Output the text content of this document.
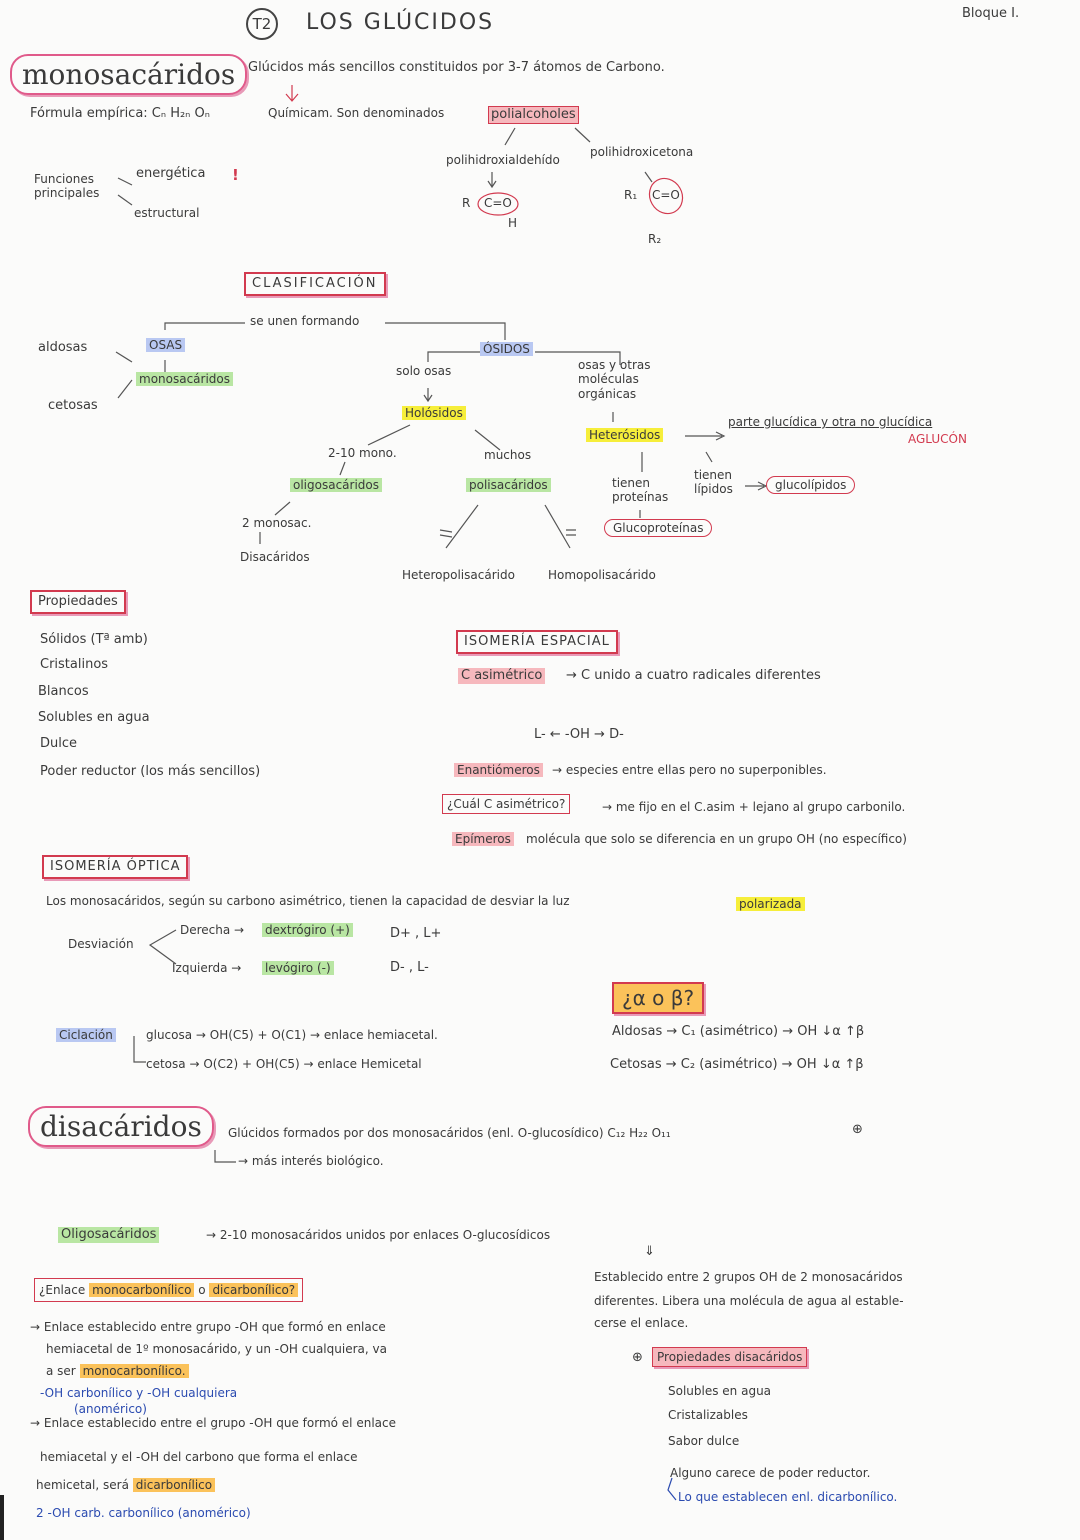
T2	LOS GLÚCIDOS	Bloque I.
monosacáridos Glúcidos más sencillos constituidos por 3-7 átomos de Carbono.
Fórmula empírica: Cₙ H₂ₙ Oₙ	Químicam. Son denominados	polialcoholes
polihidroxialdehído
polihidroxicetona
R C=O
H
R₁ C=O
R₂
Funciones principales
energética !
estructural
CLASIFICACIÓN
se unen formando
aldosas
cetosas
OSAS
monosacáridos
ÓSIDOS
solo osas	osas y otras moléculas orgánicas
Holósidos
Heterósidos
parte glucídica y otra no glucídica
AGLUCÓN
2-10 mono.	muchos
oligosacáridos	polisacáridos	tienen proteínas
tienen lípidos	glucolípidos
Glucoproteínas
2 monosac.
Disacáridos
Heteropolisacárido	Homopolisacárido
Propiedades
Sólidos (Tª amb)
Cristalinos
Blancos
Solubles en agua
Dulce
Poder reductor (los más sencillos)
ISOMERÍA ESPACIAL
C asimétrico → C unido a cuatro radicales diferentes
L- ← -OH → D-
Enantiómeros → especies entre ellas pero no superponibles.
¿Cuál C asimétrico?	→ me fijo en el C.asim + lejano al grupo carbonilo.
Epímeros molécula que solo se diferencia en un grupo OH (no específico)
ISOMERÍA ÓPTICA
Los monosacáridos, según su carbono asimétrico, tienen la capacidad de desviar la luz	polarizada
Desviación
Derecha → dextrógiro (+)	D+ , L+
Izquierda → levógiro (-)	D- , L-
¿α o β?
Aldosas → C₁ (asimétrico) → OH ↓α ↑β
Cetosas → C₂ (asimétrico) → OH ↓α ↑β
Ciclación	glucosa → OH(C5) + O(C1) → enlace hemiacetal.
cetosa → O(C2) + OH(C5) → enlace Hemicetal
disacáridos	Glúcidos formados por dos monosacáridos (enl. O-glucosídico) C₁₂ H₂₂ O₁₁	⊕
→ más interés biológico.
Oligosacáridos	→ 2-10 monosacáridos unidos por enlaces O-glucosídicos
⇓
Establecido entre 2 grupos OH de 2 monosacáridos
diferentes. Libera una molécula de agua al estable-
cerse el enlace.
¿Enlace monocarbonílico o dicarbonílico?
→ Enlace establecido entre grupo -OH que formó en enlace
hemiacetal de 1º monosacárido, y un -OH cualquiera, va
a ser monocarbonílico.
-OH carbonílico y -OH cualquiera
(anomérico)
→ Enlace establecido entre el grupo -OH que formó el enlace
hemiacetal y el -OH del carbono que forma el enlace
hemicetal, será dicarbonílico
2 -OH carb. carbonílico (anomérico)
⊕	Propiedades disacáridos
Solubles en agua
Cristalizables
Sabor dulce
Alguno carece de poder reductor.
Lo que establecen enl. dicarbonílico.
